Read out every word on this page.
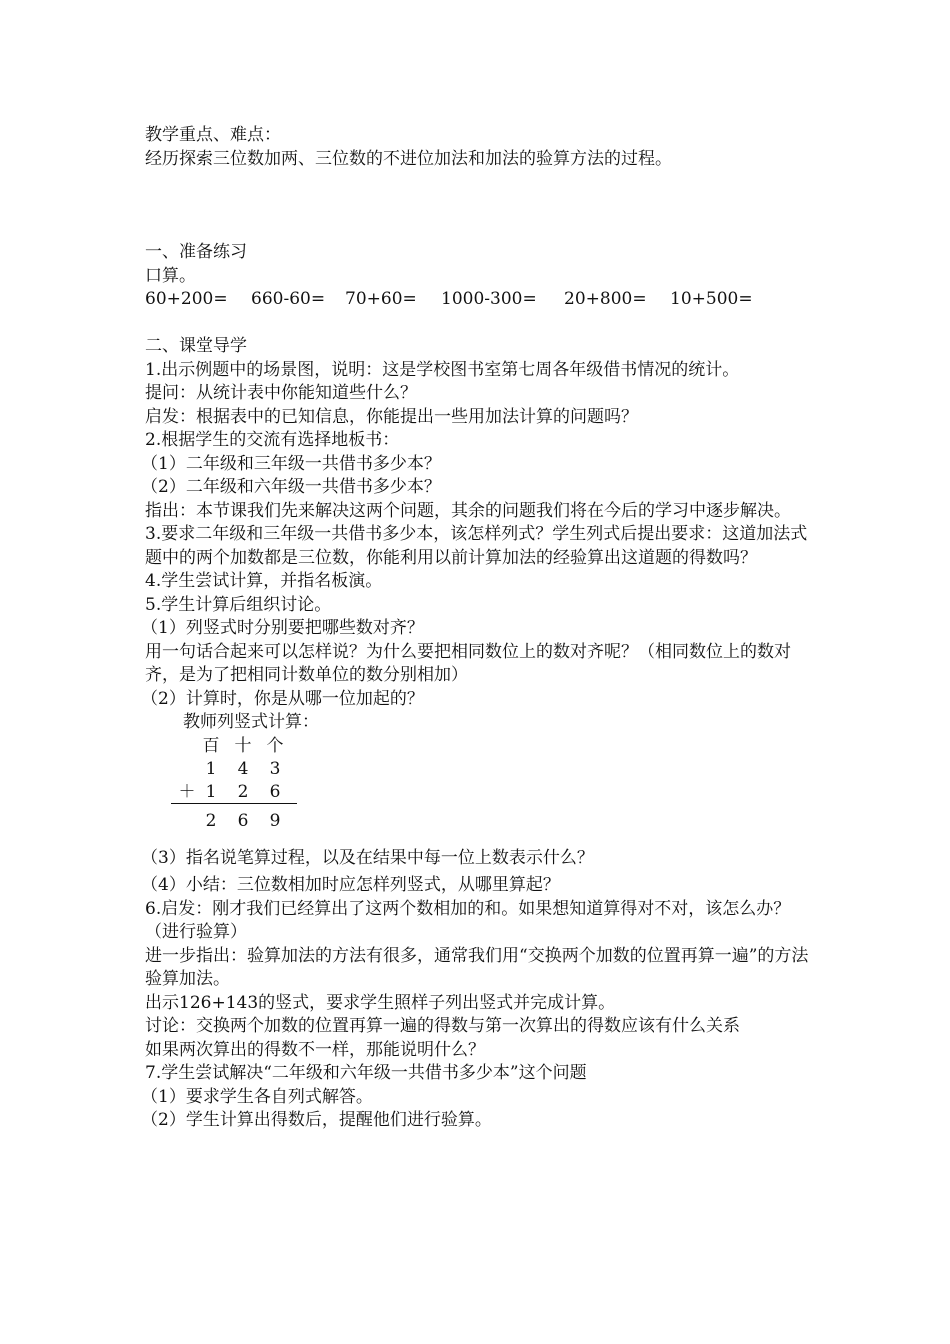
教学重点、难点：
经历探索三位数加两、三位数的不进位加法和加法的验算方法的过程。
一、准备练习
口算。
60+200= 660-60= 70+60= 1000-300= 20+800= 10+500=
二、课堂导学
1.出示例题中的场景图，说明：这是学校图书室第七周各年级借书情况的统计。
提问：从统计表中你能知道些什么？
启发：根据表中的已知信息，你能提出一些用加法计算的问题吗？
2.根据学生的交流有选择地板书：
（1）二年级和三年级一共借书多少本？
（2）二年级和六年级一共借书多少本？
指出：本节课我们先来解决这两个问题，其余的问题我们将在今后的学习中逐步解决。
3.要求二年级和三年级一共借书多少本，该怎样列式？学生列式后提出要求：这道加法式题中的两个加数都是三位数，你能利用以前计算加法的经验算出这道题的得数吗？
4.学生尝试计算，并指名板演。
5.学生计算后组织讨论。
（1）列竖式时分别要把哪些数对齐？
用一句话合起来可以怎样说？为什么要把相同数位上的数对齐呢？（相同数位上的数对齐，是为了把相同计数单位的数分别相加）
（2）计算时，你是从哪一位加起的？
教师列竖式计算：
百 十 个
1	4	3
＋ 1	2	6
2	6	9
（3）指名说笔算过程，以及在结果中每一位上数表示什么？
（4）小结：三位数相加时应怎样列竖式，从哪里算起？
6.启发：刚才我们已经算出了这两个数相加的和。如果想知道算得对不对，该怎么办？（进行验算）
进一步指出：验算加法的方法有很多，通常我们用“交换两个加数的位置再算一遍”的方法验算加法。
出示126+143的竖式，要求学生照样子列出竖式并完成计算。
讨论：交换两个加数的位置再算一遍的得数与第一次算出的得数应该有什么关系
如果两次算出的得数不一样，那能说明什么？
7.学生尝试解决“二年级和六年级一共借书多少本”这个问题
（1）要求学生各自列式解答。
（2）学生计算出得数后，提醒他们进行验算。
